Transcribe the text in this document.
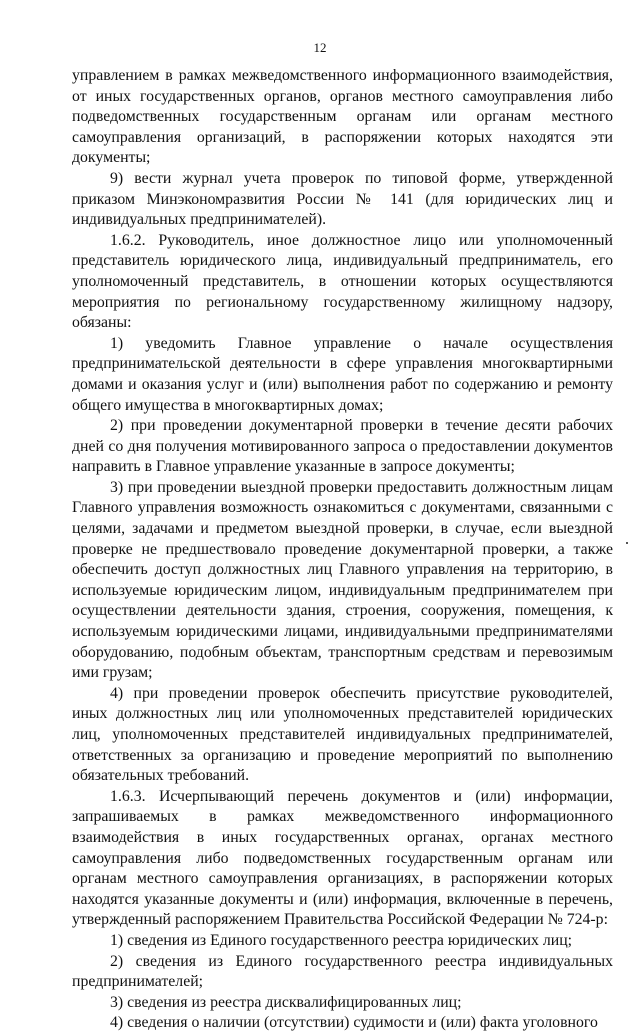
12

управлением в рамках межведомственного информационного взаимодействия, от иных государственных органов, органов местного самоуправления либо подведомственных государственным органам или органам местного самоуправления организаций, в распоряжении которых находятся эти документы;

9) вести журнал учета проверок по типовой форме, утвержденной приказом Минэкономразвития России № 141 (для юридических лиц и индивидуальных предпринимателей).

1.6.2. Руководитель, иное должностное лицо или уполномоченный представитель юридического лица, индивидуальный предприниматель, его уполномоченный представитель, в отношении которых осуществляются мероприятия по региональному государственному жилищному надзору, обязаны:

1) уведомить Главное управление о начале осуществления предпринимательской деятельности в сфере управления многоквартирными домами и оказания услуг и (или) выполнения работ по содержанию и ремонту общего имущества в многоквартирных домах;

2) при проведении документарной проверки в течение десяти рабочих дней со дня получения мотивированного запроса о предоставлении документов направить в Главное управление указанные в запросе документы;

3) при проведении выездной проверки предоставить должностным лицам Главного управления возможность ознакомиться с документами, связанными с целями, задачами и предметом выездной проверки, в случае, если выездной проверке не предшествовало проведение документарной проверки, а также обеспечить доступ должностных лиц Главного управления на территорию, в используемые юридическим лицом, индивидуальным предпринимателем при осуществлении деятельности здания, строения, сооружения, помещения, к используемым юридическими лицами, индивидуальными предпринимателями оборудованию, подобным объектам, транспортным средствам и перевозимым ими грузам;

4) при проведении проверок обеспечить присутствие руководителей, иных должностных лиц или уполномоченных представителей юридических лиц, уполномоченных представителей индивидуальных предпринимателей, ответственных за организацию и проведение мероприятий по выполнению обязательных требований.

1.6.3. Исчерпывающий перечень документов и (или) информации, запрашиваемых в рамках межведомственного информационного взаимодействия в иных государственных органах, органах местного самоуправления либо подведомственных государственным органам или органам местного самоуправления организациях, в распоряжении которых находятся указанные документы и (или) информация, включенные в перечень, утвержденный распоряжением Правительства Российской Федерации № 724-р:

1) сведения из Единого государственного реестра юридических лиц;

2) сведения из Единого государственного реестра индивидуальных предпринимателей;

3) сведения из реестра дисквалифицированных лиц;

4) сведения о наличии (отсутствии) судимости и (или) факта уголовного
